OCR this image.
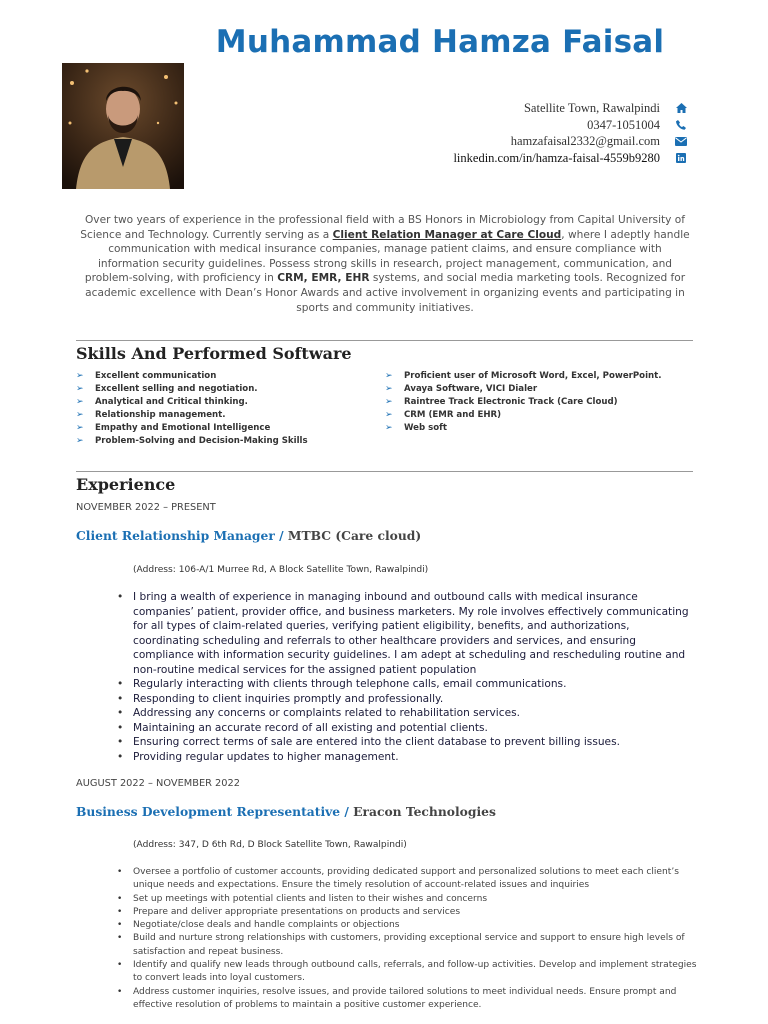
Muhammad Hamza Faisal
Satellite Town, Rawalpindi
0347-1051004
hamzafaisal2332@gmail.com
linkedin.com/in/hamza-faisal-4559b9280
Over two years of experience in the professional field with a BS Honors in Microbiology from Capital University of Science and Technology. Currently serving as a Client Relation Manager at Care Cloud, where I adeptly handle communication with medical insurance companies, manage patient claims, and ensure compliance with information security guidelines. Possess strong skills in research, project management, communication, and problem-solving, with proficiency in CRM, EMR, EHR systems, and social media marketing tools. Recognized for academic excellence with Dean’s Honor Awards and active involvement in organizing events and participating in sports and community initiatives.
Skills And Performed Software
➢	Excellent communication
➢	Excellent selling and negotiation.
➢	Analytical and Critical thinking.
➢	Relationship management.
➢	Empathy and Emotional Intelligence
➢	Problem-Solving and Decision-Making Skills
➢	Proficient user of Microsoft Word, Excel, PowerPoint.
➢	Avaya Software, VICI Dialer
➢	Raintree Track Electronic Track (Care Cloud)
➢	CRM (EMR and EHR)
➢	Web soft
Experience
NOVEMBER 2022 – PRESENT
Client Relationship Manager / MTBC (Care cloud)
(Address: 106-A/1 Murree Rd, A Block Satellite Town, Rawalpindi)
• I bring a wealth of experience in managing inbound and outbound calls with medical insurance companies’ patient, provider office, and business marketers. My role involves effectively communicating for all types of claim-related queries, verifying patient eligibility, benefits, and authorizations, coordinating scheduling and referrals to other healthcare providers and services, and ensuring compliance with information security guidelines. I am adept at scheduling and rescheduling routine and non-routine medical services for the assigned patient population
• Regularly interacting with clients through telephone calls, email communications.
• Responding to client inquiries promptly and professionally.
• Addressing any concerns or complaints related to rehabilitation services.
• Maintaining an accurate record of all existing and potential clients.
• Ensuring correct terms of sale are entered into the client database to prevent billing issues.
• Providing regular updates to higher management.
AUGUST 2022 – NOVEMBER 2022
Business Development Representative / Eracon Technologies
(Address: 347, D 6th Rd, D Block Satellite Town, Rawalpindi)
• Oversee a portfolio of customer accounts, providing dedicated support and personalized solutions to meet each client’s unique needs and expectations. Ensure the timely resolution of account-related issues and inquiries
• Set up meetings with potential clients and listen to their wishes and concerns
• Prepare and deliver appropriate presentations on products and services
• Negotiate/close deals and handle complaints or objections
• Build and nurture strong relationships with customers, providing exceptional service and support to ensure high levels of satisfaction and repeat business.
• Identify and qualify new leads through outbound calls, referrals, and follow-up activities. Develop and implement strategies to convert leads into loyal customers.
• Address customer inquiries, resolve issues, and provide tailored solutions to meet individual needs. Ensure prompt and effective resolution of problems to maintain a positive customer experience.
